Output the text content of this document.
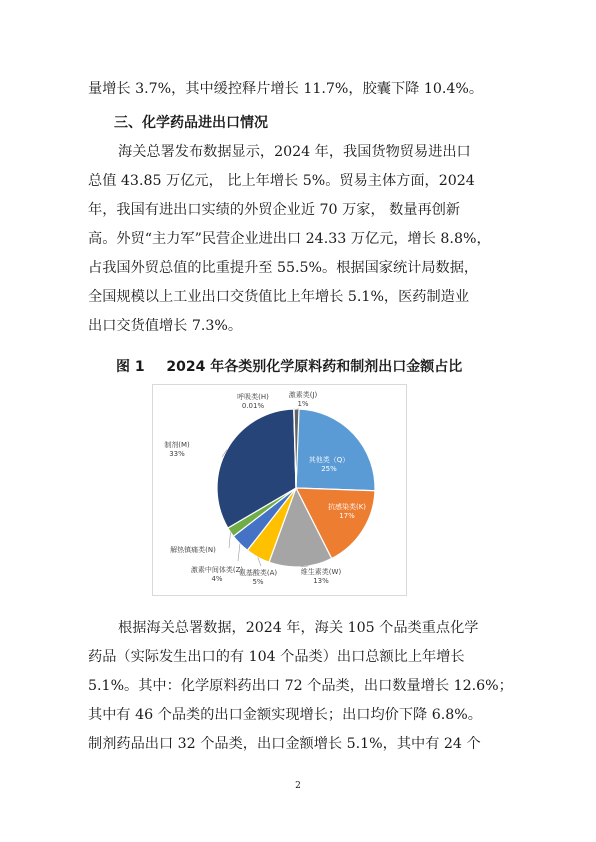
量增长 3.7%，其中缓控释片增长 11.7%，胶囊下降 10.4%。
三、化学药品进出口情况
海关总署发布数据显示，2024 年，我国货物贸易进出口
总值 43.85 万亿元， 比上年增长 5%。贸易主体方面，2024
年，我国有进出口实绩的外贸企业近 70 万家， 数量再创新
高。外贸“主力军”民营企业进出口 24.33 万亿元，增长 8.8%，
占我国外贸总值的比重提升至 55.5%。根据国家统计局数据，
全国规模以上工业出口交货值比上年增长 5.1%，医药制造业
出口交货值增长 7.3%。
图 1 2024 年各类别化学原料药和制剂出口金额占比
其他类（Q）
25%
抗感染类(K)
17%
维生素类(W)
13%
氨基酸类(A)
5%
激素中间体类(Z)
4%
解热镇痛类(N)
制剂(M)
33%
呼吸类(H)
0.01%
激素类(J)
1%
根据海关总署数据，2024 年，海关 105 个品类重点化学
药品（实际发生出口的有 104 个品类）出口总额比上年增长
5.1%。其中：化学原料药出口 72 个品类，出口数量增长 12.6%；
其中有 46 个品类的出口金额实现增长；出口均价下降 6.8%。
制剂药品出口 32 个品类，出口金额增长 5.1%，其中有 24 个
2
